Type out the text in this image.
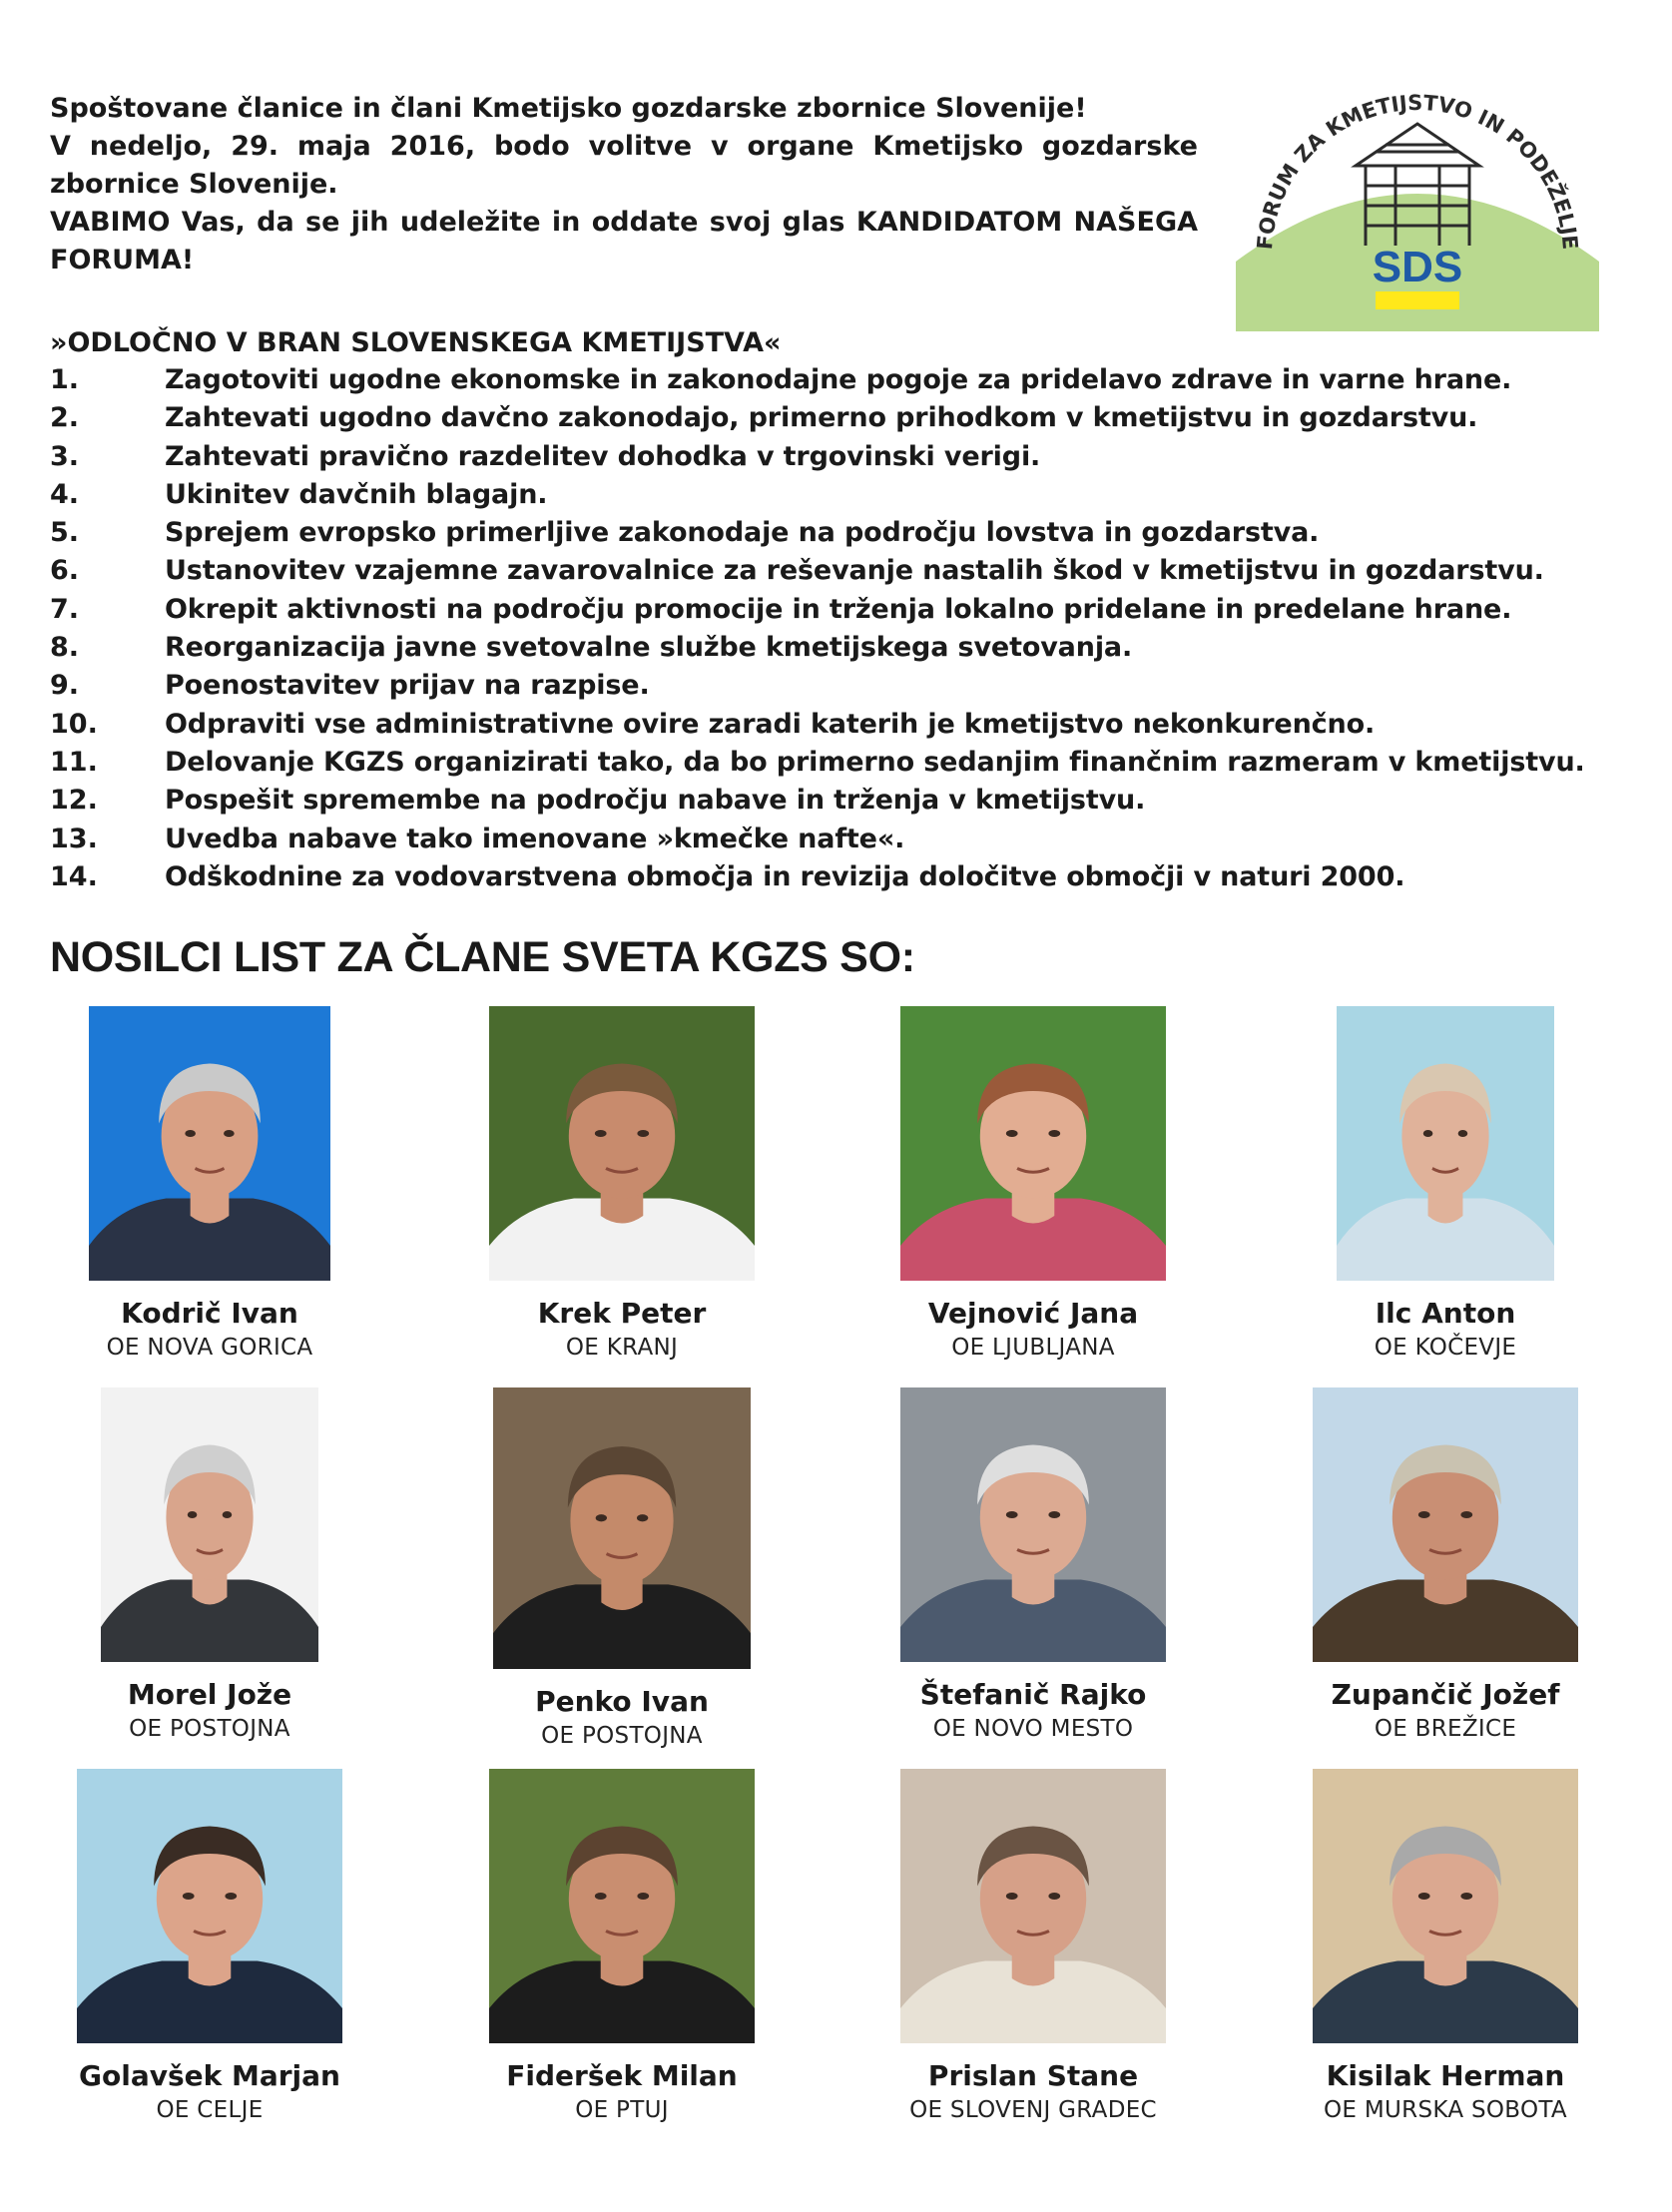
Spoštovane članice in člani Kmetijsko gozdarske zbornice Slovenije!

V nedeljo, 29. maja 2016, bodo volitve v organe Kmetijsko gozdarske zbornice Slovenije.

VABIMO Vas, da se jih udeležite in oddate svoj glas KANDIDATOM NAŠEGA FORUMA!	SDS
FORUM ZA KMETIJSTVO IN PODEŽELJE

»ODLOČNO V BRAN SLOVENSKEGA KMETIJSTVA«

1.	Zagotoviti ugodne ekonomske in zakonodajne pogoje za pridelavo zdrave in varne hrane.
2.	Zahtevati ugodno davčno zakonodajo, primerno prihodkom v kmetijstvu in gozdarstvu.
3.	Zahtevati pravično razdelitev dohodka v trgovinski verigi.
4.	Ukinitev davčnih blagajn.
5.	Sprejem evropsko primerljive zakonodaje na področju lovstva in gozdarstva.
6.	Ustanovitev vzajemne zavarovalnice za reševanje nastalih škod v kmetijstvu in gozdarstvu.
7.	Okrepit aktivnosti na področju promocije in trženja lokalno pridelane in predelane hrane.
8.	Reorganizacija javne svetovalne službe kmetijskega svetovanja.
9.	Poenostavitev prijav na razpise.
10.	Odpraviti vse administrativne ovire zaradi katerih je kmetijstvo nekonkurenčno.
11.	Delovanje KGZS organizirati tako, da bo primerno sedanjim finančnim razmeram v kmetijstvu.
12.	Pospešit spremembe na področju nabave in trženja v kmetijstvu.
13.	Uvedba nabave tako imenovane »kmečke nafte«.
14.	Odškodnine za vodovarstvena območja in revizija določitve območji v naturi 2000.
NOSILCI LIST ZA ČLANE SVETA KGZS SO:
Kodrič Ivan
OE NOVA GORICA
Krek Peter
OE KRANJ
Vejnović Jana
OE LJUBLJANA
Ilc Anton
OE KOČEVJE
Morel Jože
OE POSTOJNA
Penko Ivan
OE POSTOJNA
Štefanič Rajko
OE NOVO MESTO
Zupančič Jožef
OE BREŽICE
Golavšek Marjan
OE CELJE
Fideršek Milan
OE PTUJ
Prislan Stane
OE SLOVENJ GRADEC
Kisilak Herman
OE MURSKA SOBOTA
